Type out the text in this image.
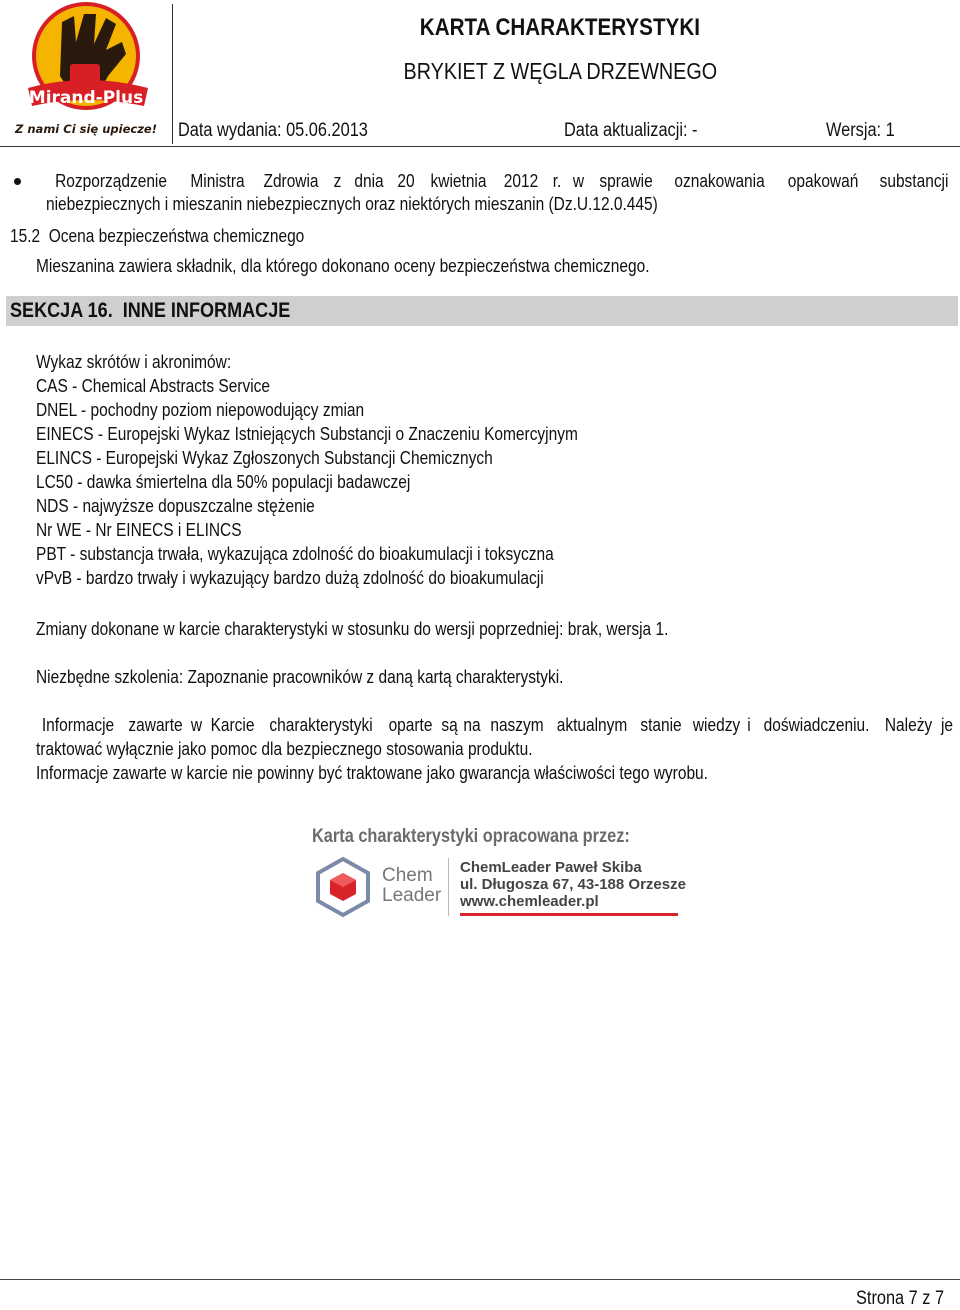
Mirand-Plus
Z nami Ci się upiecze!
KARTA CHARAKTERYSTYKI
BRYKIET Z WĘGLA DRZEWNEGO
Data wydania: 05.06.2013	Data aktualizacji: -	Wersja: 1
Rozporządzenie Ministra Zdrowia z dnia 20 kwietnia 2012 r. w sprawie oznakowania opakowań substancji
niebezpiecznych i mieszanin niebezpiecznych oraz niektórych mieszanin (Dz.U.12.0.445)
15.2  Ocena bezpieczeństwa chemicznego
Mieszanina zawiera składnik, dla którego dokonano oceny bezpieczeństwa chemicznego.
SEKCJA 16.  INNE INFORMACJE
Wykaz skrótów i akronimów:
CAS - Chemical Abstracts Service
DNEL - pochodny poziom niepowodujący zmian
EINECS - Europejski Wykaz Istniejących Substancji o Znaczeniu Komercyjnym
ELINCS - Europejski Wykaz Zgłoszonych Substancji Chemicznych
LC50 - dawka śmiertelna dla 50% populacji badawczej
NDS - najwyższe dopuszczalne stężenie
Nr WE - Nr EINECS i ELINCS
PBT - substancja trwała, wykazująca zdolność do bioakumulacji i toksyczna
vPvB - bardzo trwały i wykazujący bardzo dużą zdolność do bioakumulacji
Zmiany dokonane w karcie charakterystyki w stosunku do wersji poprzedniej: brak, wersja 1.
Niezbędne szkolenia: Zapoznanie pracowników z daną kartą charakterystyki.
Informacje zawarte w Karcie charakterystyki oparte są na naszym aktualnym stanie wiedzy i doświadczeniu. Należy je
traktować wyłącznie jako pomoc dla bezpiecznego stosowania produktu.
Informacje zawarte w karcie nie powinny być traktowane jako gwarancja właściwości tego wyrobu.
Karta charakterystyki opracowana przez:
Chem
Leader
ChemLeader Paweł Skiba
ul. Długosza 67, 43-188 Orzesze
www.chemleader.pl
Strona 7 z 7
